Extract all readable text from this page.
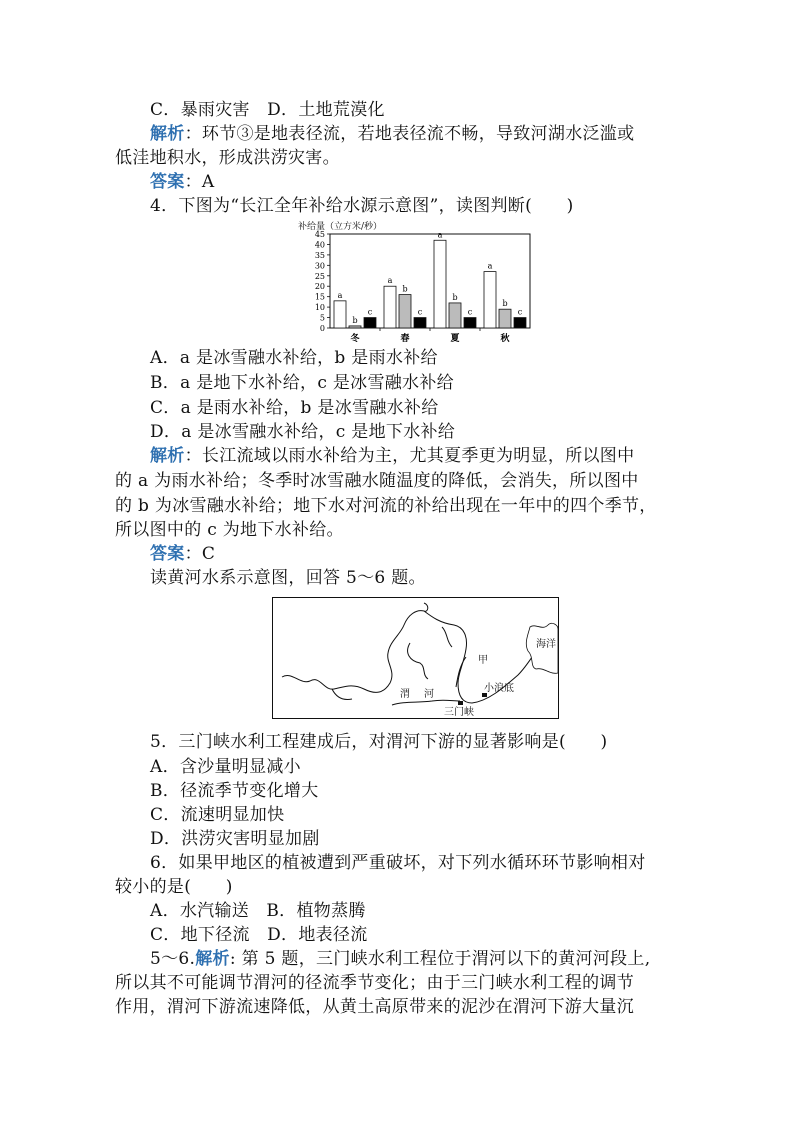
C．暴雨灾害　D．土地荒漠化
解析：环节③是地表径流，若地表径流不畅，导致河湖水泛滥或
低洼地积水，形成洪涝灾害。
答案：A
4．下图为“长江全年补给水源示意图”，读图判断(　　)
补给量（立方米/秒）
0
5
10
15
20
25
30
35
40
45
a
b
c
a
b
c
a
b
c
a
b
c
冬	春	夏	秋
A．a 是冰雪融水补给，b 是雨水补给
B．a 是地下水补给，c 是冰雪融水补给
C．a 是雨水补给，b 是冰雪融水补给
D．a 是冰雪融水补给，c 是地下水补给
解析：长江流域以雨水补给为主，尤其夏季更为明显，所以图中
的 a 为雨水补给；冬季时冰雪融水随温度的降低，会消失，所以图中
的 b 为冰雪融水补给；地下水对河流的补给出现在一年中的四个季节，
所以图中的 c 为地下水补给。
答案：C
读黄河水系示意图，回答 5～6 题。
海洋
甲
小浪底
渭 河
三门峡
5．三门峡水利工程建成后，对渭河下游的显著影响是(　　)
A．含沙量明显减小
B．径流季节变化增大
C．流速明显加快
D．洪涝灾害明显加剧
6．如果甲地区的植被遭到严重破坏，对下列水循环环节影响相对
较小的是(　　)
A．水汽输送　B．植物蒸腾
C．地下径流　D．地表径流
5～6.解析: 第 5 题，三门峡水利工程位于渭河以下的黄河河段上,
所以其不可能调节渭河的径流季节变化；由于三门峡水利工程的调节
作用，渭河下游流速降低，从黄土高原带来的泥沙在渭河下游大量沉
